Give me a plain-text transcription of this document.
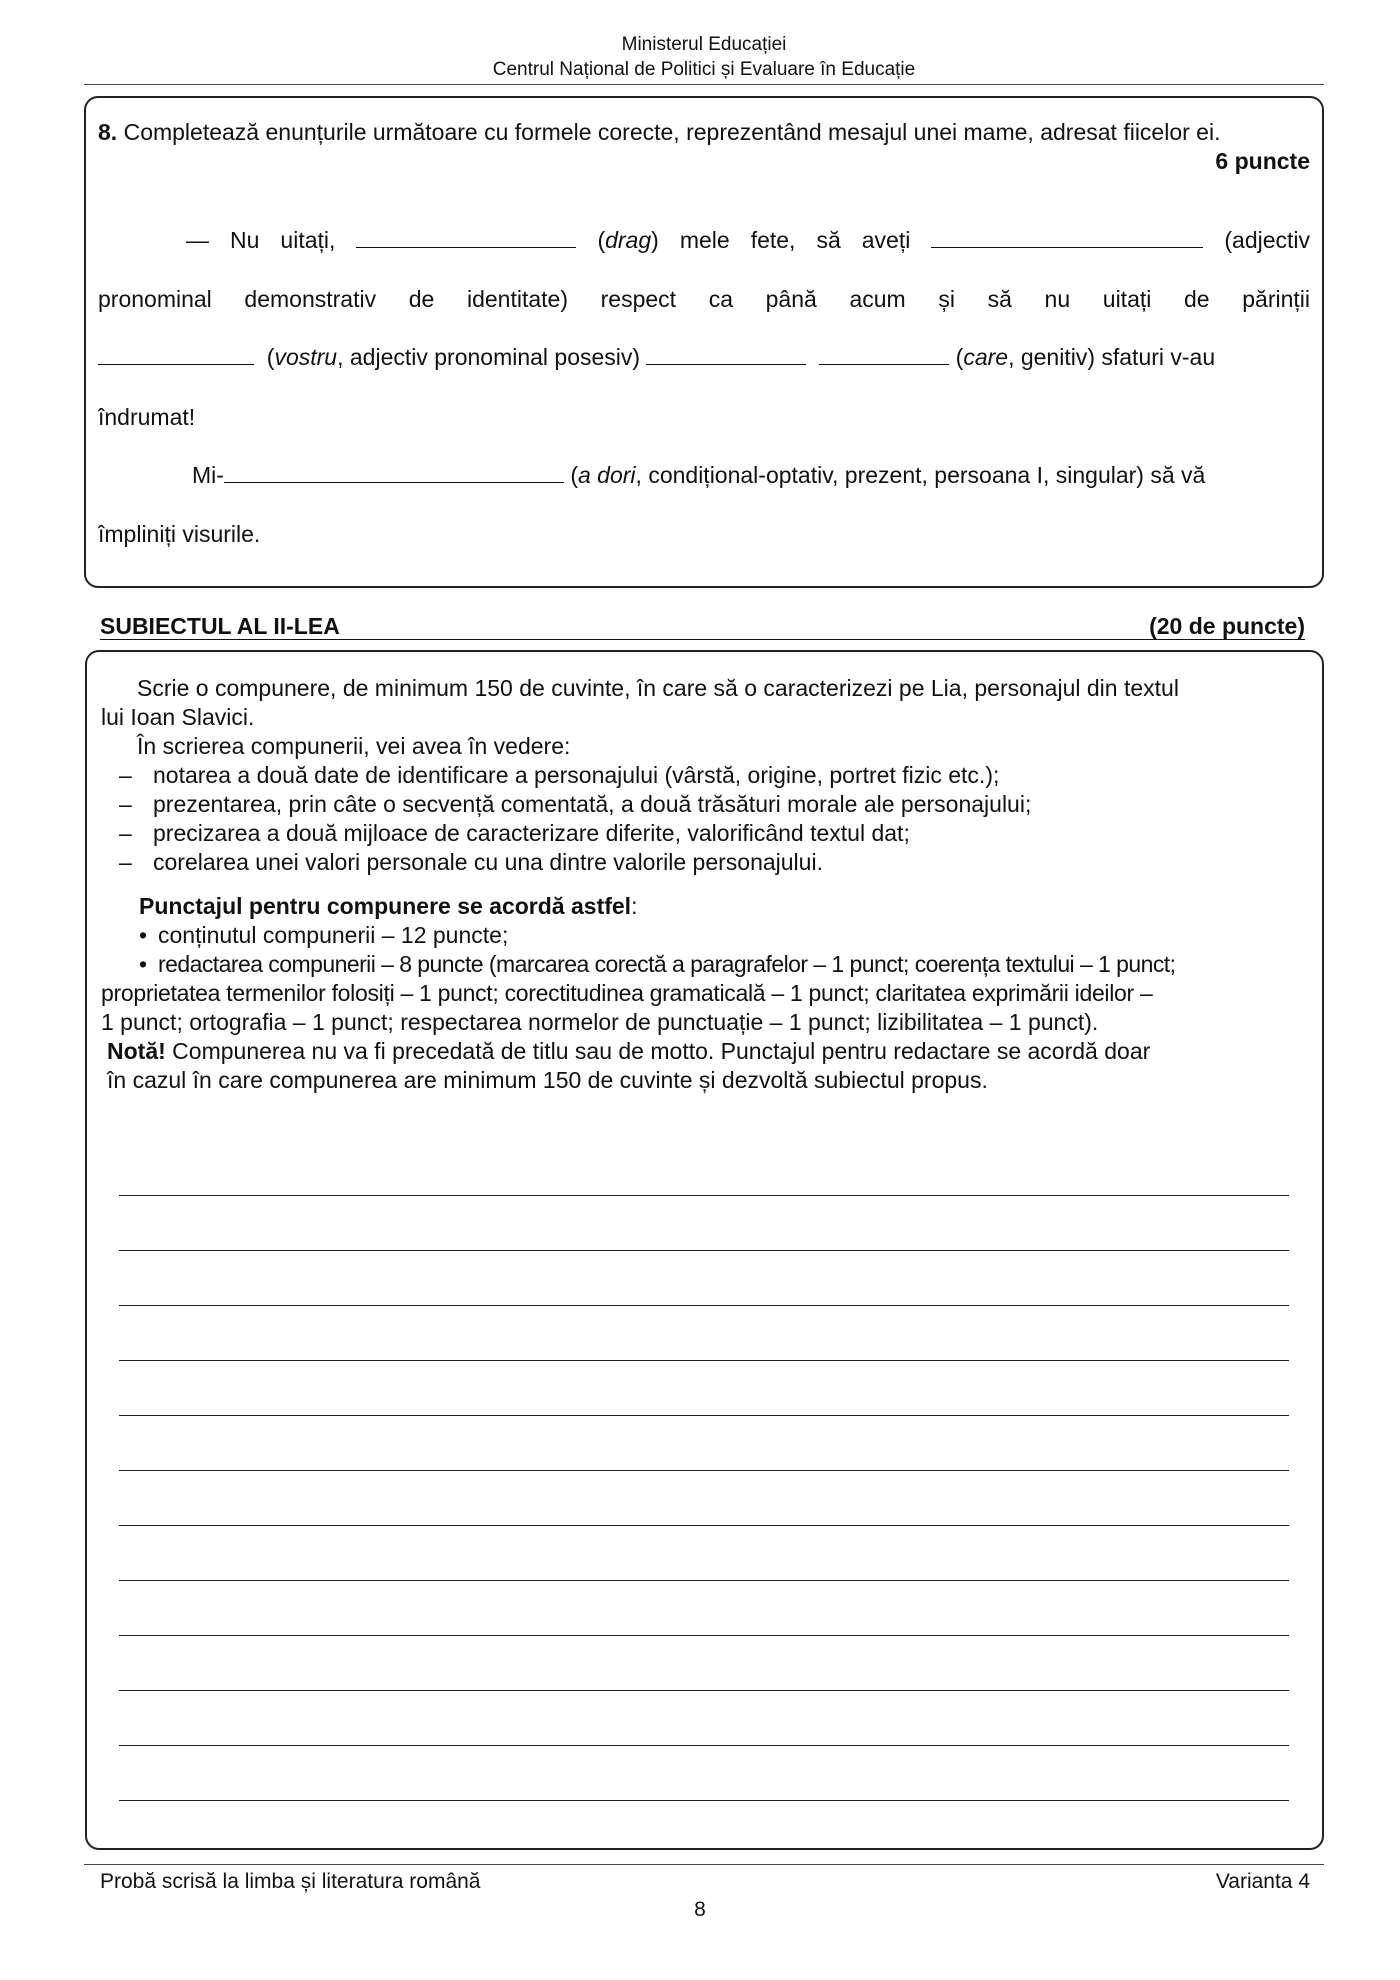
Ministerul Educației
Centrul Național de Politici și Evaluare în Educație
8. Completează enunțurile următoare cu formele corecte, reprezentând mesajul unei mame, adresat fiicelor ei.
6 puncte
— Nu uitați,	(drag) mele fete, să aveți	(adjectiv
pronominal demonstrativ de identitate) respect ca până acum și să nu uitați de părinții
(vostru, adjectiv pronominal posesiv)	(care, genitiv) sfaturi v-au
îndrumat!
Mi-	(a dori, condițional-optativ, prezent, persoana I, singular) să vă
împliniți visurile.
SUBIECTUL AL II-LEA	(20 de puncte)
Scrie o compunere, de minimum 150 de cuvinte, în care să o caracterizezi pe Lia, personajul din textul
lui Ioan Slavici.
În scrierea compunerii, vei avea în vedere:
– notarea a două date de identificare a personajului (vârstă, origine, portret fizic etc.);
– prezentarea, prin câte o secvență comentată, a două trăsături morale ale personajului;
– precizarea a două mijloace de caracterizare diferite, valorificând textul dat;
– corelarea unei valori personale cu una dintre valorile personajului.
Punctajul pentru compunere se acordă astfel:
• conținutul compunerii – 12 puncte;
• redactarea compunerii – 8 puncte (marcarea corectă a paragrafelor – 1 punct; coerența textului – 1 punct;
proprietatea termenilor folosiți – 1 punct; corectitudinea gramaticală – 1 punct; claritatea exprimării ideilor –
1 punct; ortografia – 1 punct; respectarea normelor de punctuație – 1 punct; lizibilitatea – 1 punct).
Notă! Compunerea nu va fi precedată de titlu sau de motto. Punctajul pentru redactare se acordă doar
în cazul în care compunerea are minimum 150 de cuvinte și dezvoltă subiectul propus.
Probă scrisă la limba și literatura română	Varianta 4
8
